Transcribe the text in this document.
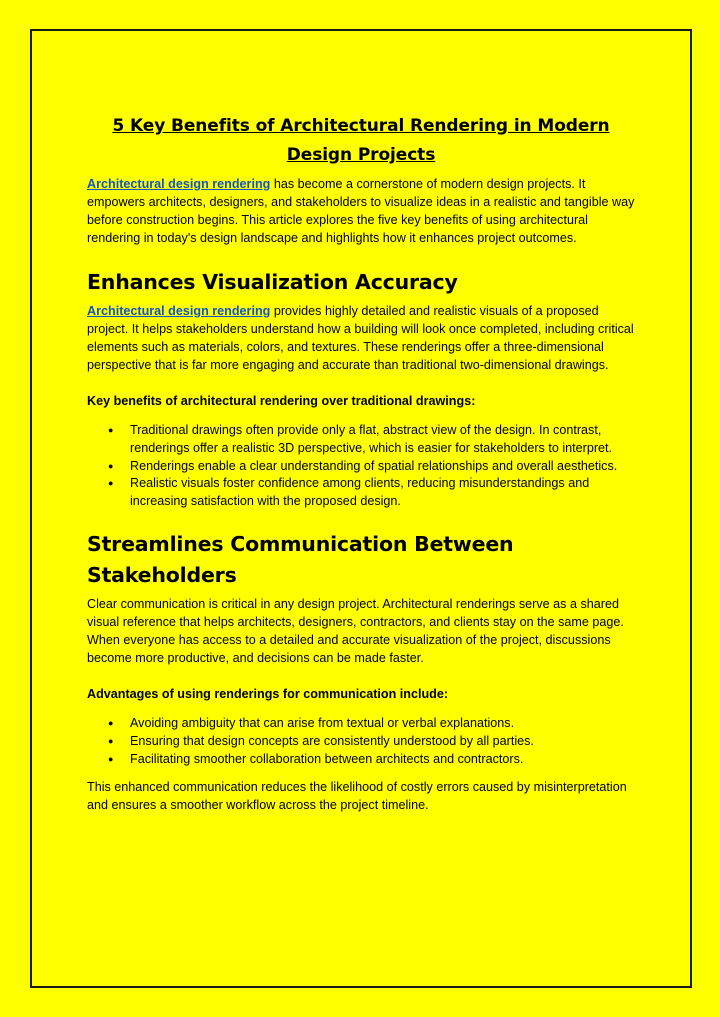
5 Key Benefits of Architectural Rendering in Modern Design Projects

Architectural design rendering has become a cornerstone of modern design projects. It empowers architects, designers, and stakeholders to visualize ideas in a realistic and tangible way before construction begins. This article explores the five key benefits of using architectural rendering in today's design landscape and highlights how it enhances project outcomes.

Enhances Visualization Accuracy

Architectural design rendering provides highly detailed and realistic visuals of a proposed project. It helps stakeholders understand how a building will look once completed, including critical elements such as materials, colors, and textures. These renderings offer a three-dimensional perspective that is far more engaging and accurate than traditional two-dimensional drawings.

Key benefits of architectural rendering over traditional drawings:
● Traditional drawings often provide only a flat, abstract view of the design. In contrast, renderings offer a realistic 3D perspective, which is easier for stakeholders to interpret.
● Renderings enable a clear understanding of spatial relationships and overall aesthetics.
● Realistic visuals foster confidence among clients, reducing misunderstandings and increasing satisfaction with the proposed design.
Streamlines Communication Between Stakeholders

Clear communication is critical in any design project. Architectural renderings serve as a shared visual reference that helps architects, designers, contractors, and clients stay on the same page. When everyone has access to a detailed and accurate visualization of the project, discussions become more productive, and decisions can be made faster.

Advantages of using renderings for communication include:
● Avoiding ambiguity that can arise from textual or verbal explanations.
● Ensuring that design concepts are consistently understood by all parties.
● Facilitating smoother collaboration between architects and contractors.

This enhanced communication reduces the likelihood of costly errors caused by misinterpretation and ensures a smoother workflow across the project timeline.
